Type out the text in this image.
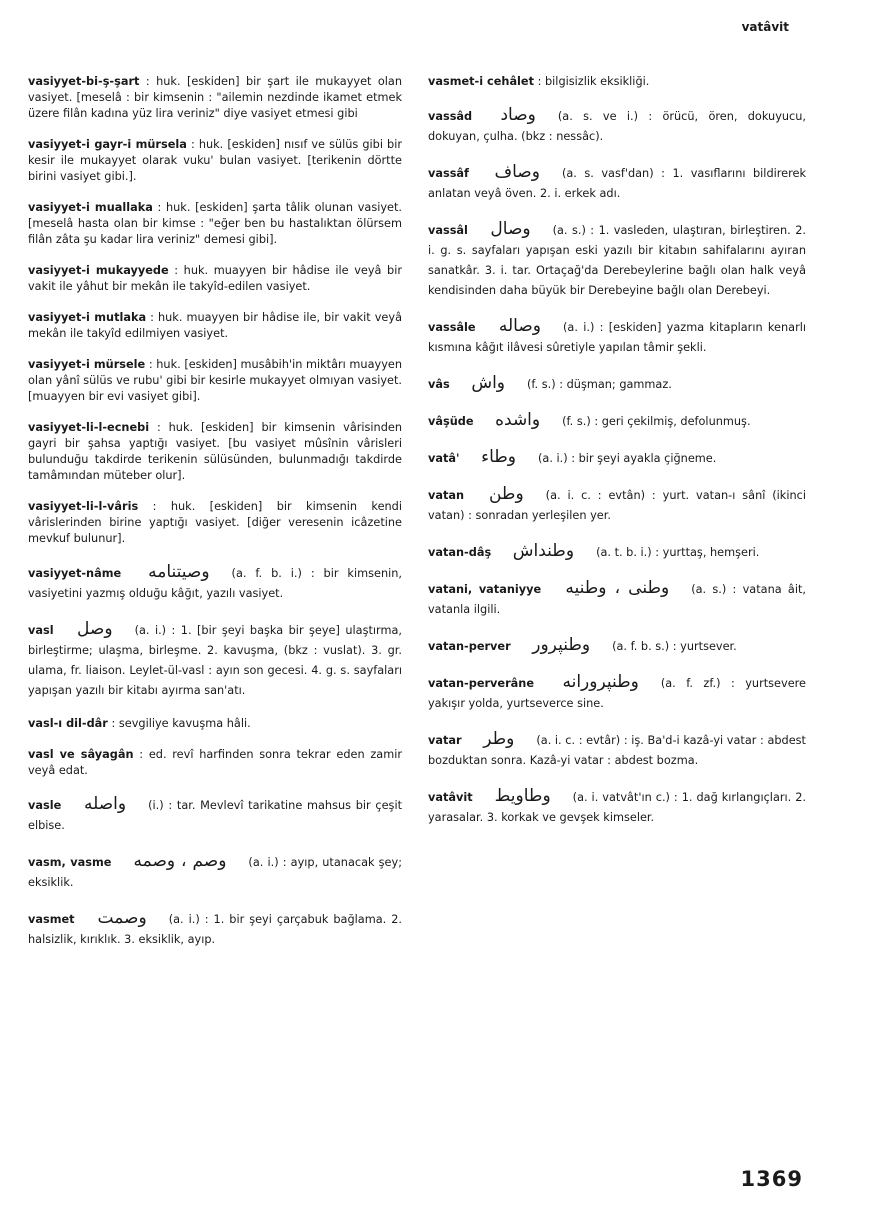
vatâvit
vasiyyet-bi-ş-şart : huk. [eskiden] bir şart ile mukayyet olan vasiyet. [meselâ : bir kimsenin : "ailemin nezdinde ikamet etmek üzere filân kadına yüz lira veriniz" diye vasiyet etmesi gibi
vasiyyet-i gayr-i mürsela : huk. [eskiden] nısıf ve sülüs gibi bir kesir ile mukayyet olarak vuku' bulan vasiyet. [terikenin dörtte birini vasiyet gibi.].
vasiyyet-i muallaka : huk. [eskiden] şarta tâlik olunan vasiyet. [meselâ hasta olan bir kimse : "eğer ben bu hastalıktan ölürsem filân zâta şu kadar lira veriniz" demesi gibi].
vasiyyet-i mukayyede : huk. muayyen bir hâdise ile veyâ bir vakit ile yâhut bir mekân ile takyîd-edilen vasiyet.
vasiyyet-i mutlaka : huk. muayyen bir hâdise ile, bir vakit veyâ mekân ile takyîd edilmiyen vasiyet.
vasiyyet-i mürsele : huk. [eskiden] musâbih'in miktârı muayyen olan yânî sülüs ve rubu' gibi bir kesirle mukayyet olmıyan vasiyet. [muayyen bir evi vasiyet gibi].
vasiyyet-li-l-ecnebi : huk. [eskiden] bir kimsenin vârisinden gayri bir şahsa yaptığı vasiyet. [bu vasiyet mûsînin vârisleri bulunduğu takdirde terikenin sülüsünden, bulunmadığı takdirde tamâmından müteber olur].
vasiyyet-li-l-vâris : huk. [eskiden] bir kimsenin kendi vârislerinden birine yaptığı vasiyet. [diğer veresenin icâzetine mevkuf bulunur].
vasiyyet-nâme وصيتنامه (a. f. b. i.) : bir kimsenin, vasiyetini yazmış olduğu kâğıt, yazılı vasiyet.
vasl وصل (a. i.) : 1. [bir şeyi başka bir şeye] ulaştırma, birleştirme; ulaşma, birleşme. 2. kavuşma, (bkz : vuslat). 3. gr. ulama, fr. liaison. Leylet-ül-vasl : ayın son gecesi. 4. g. s. sayfaları yapışan yazılı bir kitabı ayırma san'atı.
vasl-ı dil-dâr : sevgiliye kavuşma hâli.
vasl ve sâyagân : ed. revî harfinden sonra tekrar eden zamir veyâ edat.
vasle واصله (i.) : tar. Mevlevî tarikatine mahsus bir çeşit elbise.
vasm, vasme وصم ، وصمه (a. i.) : ayıp, utanacak şey; eksiklik.
vasmet وصمت (a. i.) : 1. bir şeyi çarçabuk bağlama. 2. halsizlik, kırıklık. 3. eksiklik, ayıp.
vasmet-i cehâlet : bilgisizlik eksikliği.
vassâd وصاد (a. s. ve i.) : örücü, ören, dokuyucu, dokuyan, çulha. (bkz : nessâc).
vassâf وصاف (a. s. vasf'dan) : 1. vasıflarını bildirerek anlatan veyâ öven. 2. i. erkek adı.
vassâl وصال (a. s.) : 1. vasleden, ulaştıran, birleştiren. 2. i. g. s. sayfaları yapışan eski yazılı bir kitabın sahifalarını ayıran sanatkâr. 3. i. tar. Ortaçağ'da Derebeylerine bağlı olan halk veyâ kendisinden daha büyük bir Derebeyine bağlı olan Derebeyi.
vassâle وصاله (a. i.) : [eskiden] yazma kitapların kenarlı kısmına kâğıt ilâvesi sûretiyle yapılan tâmir şekli.
vâs واش (f. s.) : düşman; gammaz.
vâşüde واشده (f. s.) : geri çekilmiş, defolunmuş.
vatâ' وطاء (a. i.) : bir şeyi ayakla çiğneme.
vatan وطن (a. i. c. : evtân) : yurt. vatan-ı sânî (ikinci vatan) : sonradan yerleşilen yer.
vatan-dâş وطنداش (a. t. b. i.) : yurttaş, hemşeri.
vatani, vataniyye وطنی ، وطنيه (a. s.) : vatana âit, vatanla ilgili.
vatan-perver وطنپرور (a. f. b. s.) : yurtsever.
vatan-perverâne وطنپرورانه (a. f. zf.) : yurtsevere yakışır yolda, yurtseverce sine.
vatar وطر (a. i. c. : evtâr) : iş. Ba'd-i kazâ-yi vatar : abdest bozduktan sonra. Kazâ-yi vatar : abdest bozma.
vatâvit وطاويط (a. i. vatvât'ın c.) : 1. dağ kırlangıçları. 2. yarasalar. 3. korkak ve gevşek kimseler.
1369
